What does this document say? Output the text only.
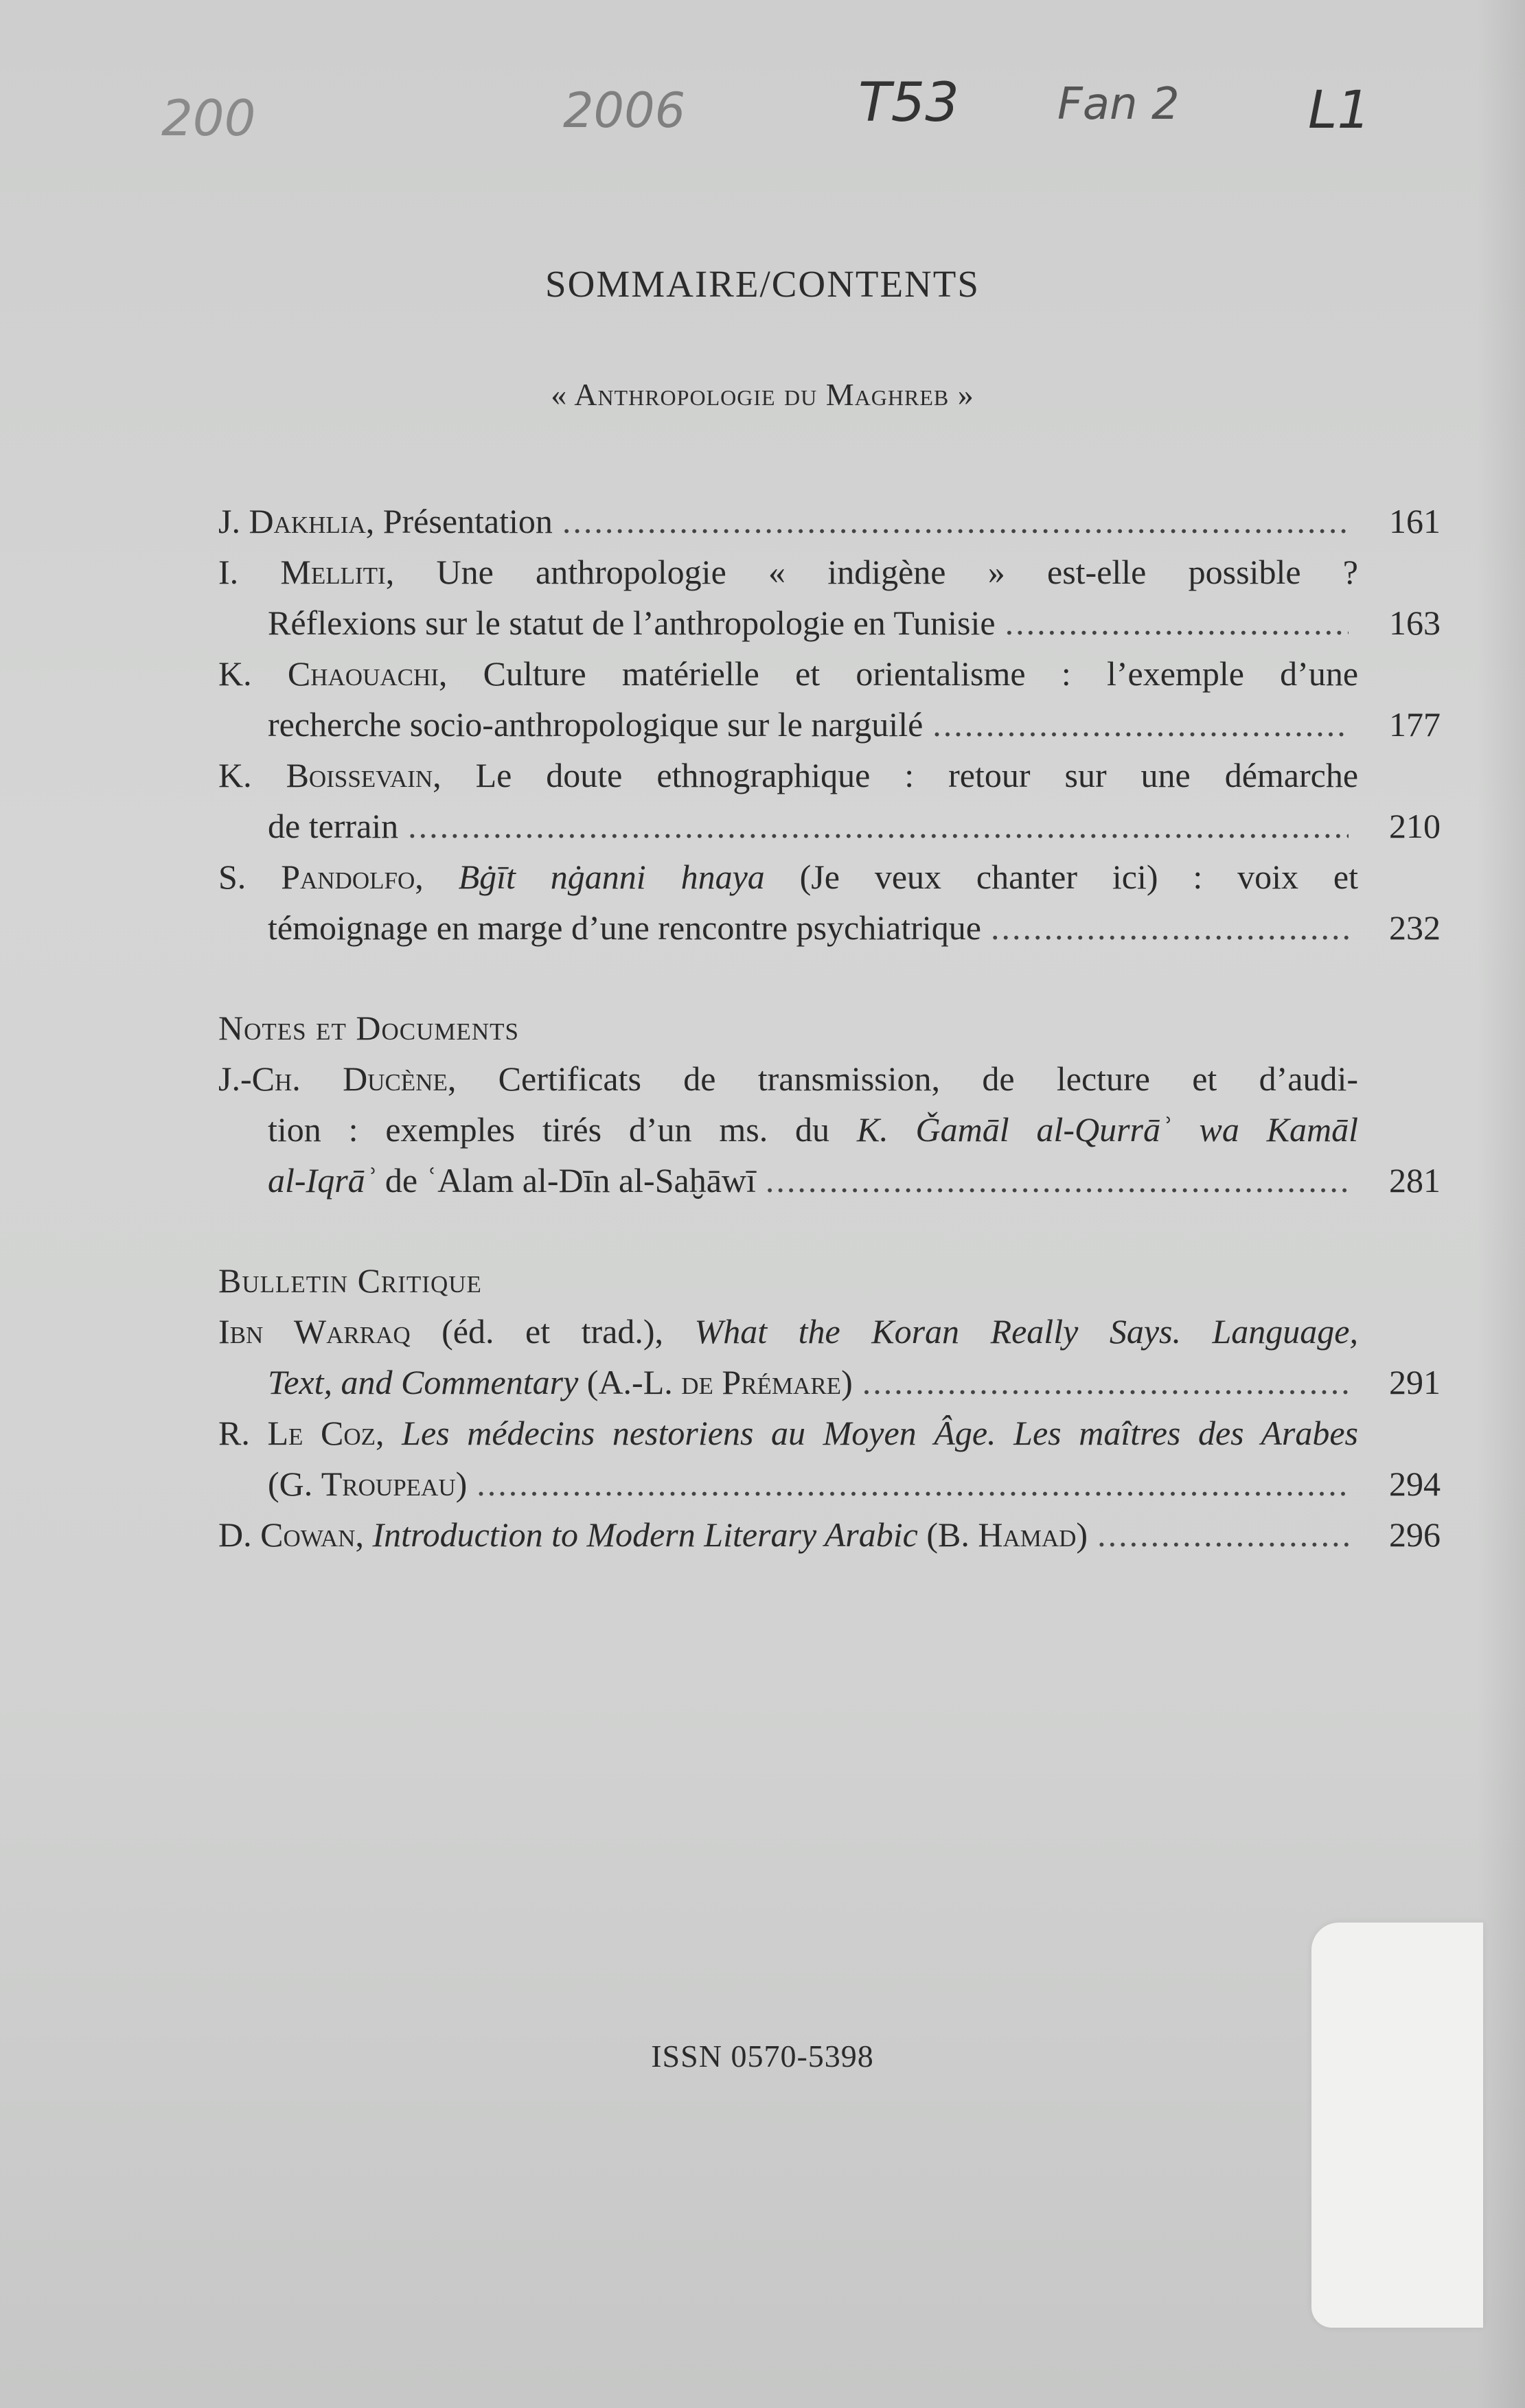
200	2006	T53 Fan 2 L1
SOMMAIRE/CONTENTS
« Anthropologie du Maghreb »
J. Dakhlia, Présentation .....	161
I. Melliti, Une anthropologie « indigène » est-elle possible ?
Réflexions sur le statut de l’anthropologie en Tunisie .....	163
K. Chaouachi, Culture matérielle et orientalisme : l’exemple d’une
recherche socio-anthropologique sur le narguilé .....	177
K. Boissevain, Le doute ethnographique : retour sur une démarche
de terrain .....	210
S. Pandolfo, Bġīt nġanni hnaya (Je veux chanter ici) : voix et
témoignage en marge d’une rencontre psychiatrique .....	232
Notes et Documents
J.-Ch. Ducène, Certificats de transmission, de lecture et d’audi-
tion : exemples tirés d’un ms. du K. Ǧamāl al-Qurrāʾ wa Kamāl
al-Iqrāʾ de ʿAlam al-Dīn al-Saḫāwī .....	281
Bulletin Critique
Ibn Warraq (éd. et trad.), What the Koran Really Says. Language,
Text, and Commentary (A.-L. de Prémare) .....	291
R. Le Coz, Les médecins nestoriens au Moyen Âge. Les maîtres des Arabes
(G. Troupeau) .....	294
D. Cowan, Introduction to Modern Literary Arabic (B. Hamad) .....	296
ISSN 0570-5398
